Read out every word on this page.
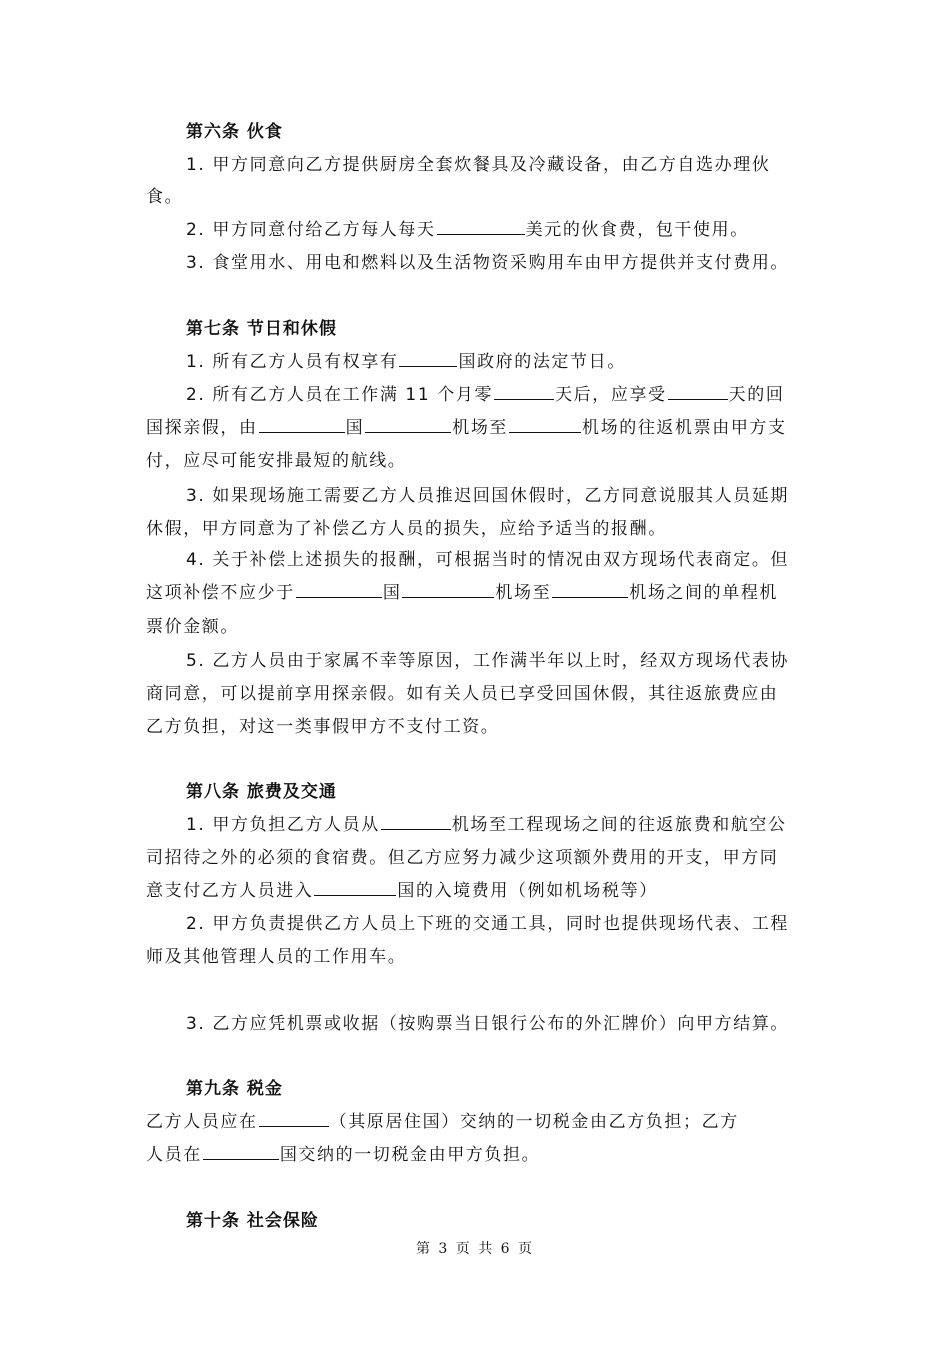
第六条 伙食
1. 甲方同意向乙方提供厨房全套炊餐具及冷藏设备，由乙方自选办理伙
食。
2. 甲方同意付给乙方每人每天	美元的伙食费，包干使用。
3. 食堂用水、用电和燃料以及生活物资采购用车由甲方提供并支付费用。
第七条 节日和休假
1. 所有乙方人员有权享有	国政府的法定节日。
2. 所有乙方人员在工作满 11 个月零	天后，应享受	天的回
国探亲假，由	国	机场至	机场的往返机票由甲方支
付，应尽可能安排最短的航线。
3. 如果现场施工需要乙方人员推迟回国休假时，乙方同意说服其人员延期
休假，甲方同意为了补偿乙方人员的损失，应给予适当的报酬。
4. 关于补偿上述损失的报酬，可根据当时的情况由双方现场代表商定。但
这项补偿不应少于	国	机场至	机场之间的单程机
票价金额。
5. 乙方人员由于家属不幸等原因，工作满半年以上时，经双方现场代表协
商同意，可以提前享用探亲假。如有关人员已享受回国休假，其往返旅费应由
乙方负担，对这一类事假甲方不支付工资。
第八条 旅费及交通
1. 甲方负担乙方人员从	机场至工程现场之间的往返旅费和航空公
司招待之外的必须的食宿费。但乙方应努力减少这项额外费用的开支，甲方同
意支付乙方人员进入	国的入境费用（例如机场税等）
2. 甲方负责提供乙方人员上下班的交通工具，同时也提供现场代表、工程
师及其他管理人员的工作用车。
3. 乙方应凭机票或收据（按购票当日银行公布的外汇牌价）向甲方结算。
第九条 税金
乙方人员应在	（其原居住国）交纳的一切税金由乙方负担；乙方
人员在	国交纳的一切税金由甲方负担。
第十条 社会保险
第 3 页 共 6 页
